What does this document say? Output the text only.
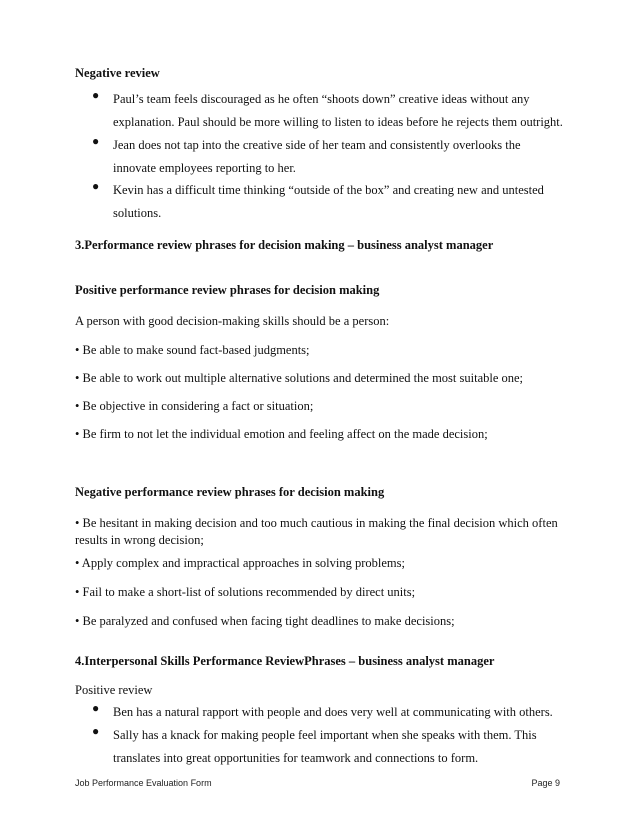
Negative review
● Paul’s team feels discouraged as he often “shoots down” creative ideas without any
explanation. Paul should be more willing to listen to ideas before he rejects them outright.
● Jean does not tap into the creative side of her team and consistently overlooks the
innovate employees reporting to her.
● Kevin has a difficult time thinking “outside of the box” and creating new and untested
solutions.
3.Performance review phrases for decision making – business analyst manager
Positive performance review phrases for decision making
A person with good decision-making skills should be a person:
• Be able to make sound fact-based judgments;
• Be able to work out multiple alternative solutions and determined the most suitable one;
• Be objective in considering a fact or situation;
• Be firm to not let the individual emotion and feeling affect on the made decision;
Negative performance review phrases for decision making
• Be hesitant in making decision and too much cautious in making the final decision which often results in wrong decision;
• Apply complex and impractical approaches in solving problems;
• Fail to make a short-list of solutions recommended by direct units;
• Be paralyzed and confused when facing tight deadlines to make decisions;
4.Interpersonal Skills Performance ReviewPhrases – business analyst manager
Positive review
● Ben has a natural rapport with people and does very well at communicating with others.
● Sally has a knack for making people feel important when she speaks with them. This
translates into great opportunities for teamwork and connections to form.
Job Performance Evaluation Form	Page 9
